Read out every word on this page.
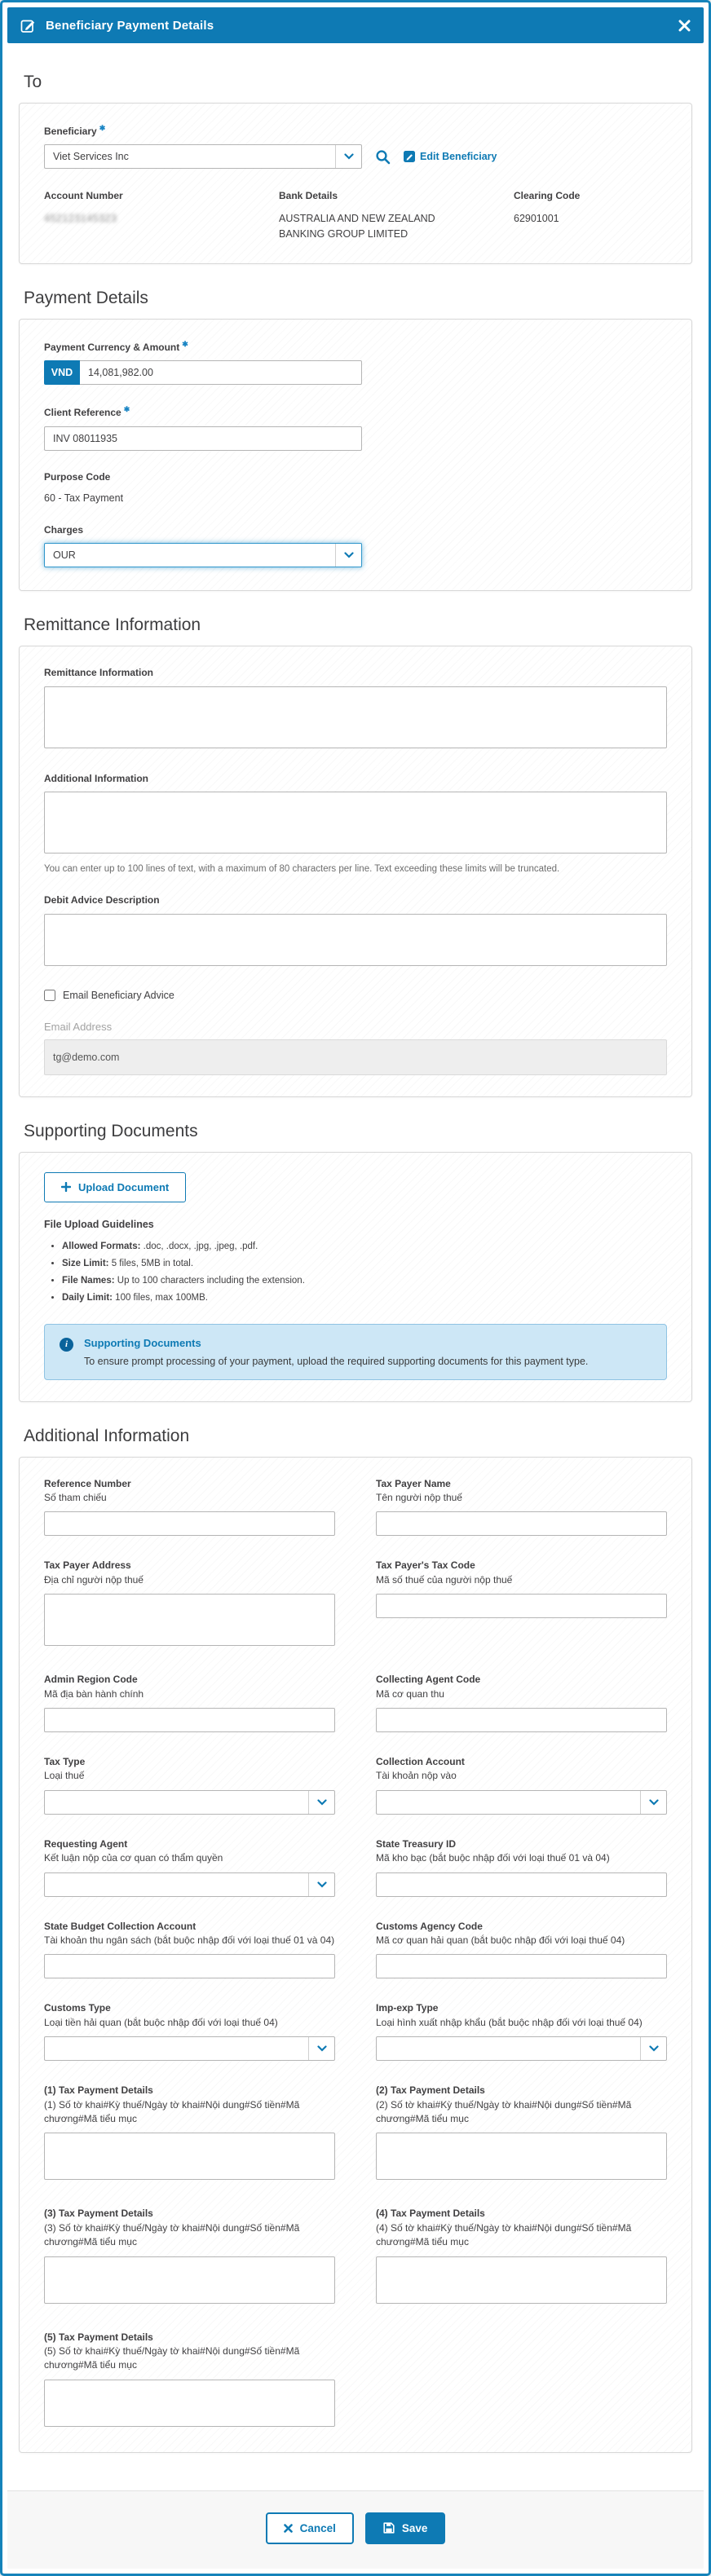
Beneficiary Payment Details
To
Beneficiary ✱
Viet Services Inc	Edit Beneficiary
Account Number
452123145323
Bank Details
AUSTRALIA AND NEW ZEALAND BANKING GROUP LIMITED
Clearing Code
62901001
Payment Details
Payment Currency & Amount ✱
VND
14,081,982.00
Client Reference ✱
INV 08011935
Purpose Code
60 - Tax Payment
Charges
OUR
Remittance Information
Remittance Information
Additional Information
You can enter up to 100 lines of text, with a maximum of 80 characters per line. Text exceeding these limits will be truncated.
Debit Advice Description
Email Beneficiary Advice
Email Address
tg@demo.com
Supporting Documents
Upload Document
File Upload Guidelines
• Allowed Formats: .doc, .docx, .jpg, .jpeg, .pdf.
• Size Limit: 5 files, 5MB in total.
• File Names: Up to 100 characters including the extension.
• Daily Limit: 100 files, max 100MB.
i	Supporting Documents
To ensure prompt processing of your payment, upload the required supporting documents for this payment type.
Additional Information
Reference Number
Số tham chiếu
Tax Payer Name
Tên người nộp thuế
Tax Payer Address
Địa chỉ người nộp thuế
Tax Payer's Tax Code
Mã số thuế của người nộp thuế
Admin Region Code
Mã địa bàn hành chính
Collecting Agent Code
Mã cơ quan thu
Tax Type
Loại thuế
Collection Account
Tài khoản nộp vào
Requesting Agent
Kết luận nộp của cơ quan có thẩm quyền
State Treasury ID
Mã kho bạc (bắt buộc nhập đối với loại thuế 01 và 04)
State Budget Collection Account
Tài khoản thu ngân sách (bắt buộc nhập đối với loại thuế 01 và 04)
Customs Agency Code
Mã cơ quan hải quan (bắt buộc nhập đối với loại thuế 04)
Customs Type
Loại tiền hải quan (bắt buộc nhập đối với loại thuế 04)
Imp-exp Type
Loại hình xuất nhập khẩu (bắt buộc nhập đối với loại thuế 04)
(1) Tax Payment Details
(1) Số tờ khai#Kỳ thuế/Ngày tờ khai#Nội dung#Số tiền#Mã chương#Mã tiểu mục
(2) Tax Payment Details
(2) Số tờ khai#Kỳ thuế/Ngày tờ khai#Nội dung#Số tiền#Mã chương#Mã tiểu mục
(3) Tax Payment Details
(3) Số tờ khai#Kỳ thuế/Ngày tờ khai#Nội dung#Số tiền#Mã chương#Mã tiểu mục
(4) Tax Payment Details
(4) Số tờ khai#Kỳ thuế/Ngày tờ khai#Nội dung#Số tiền#Mã chương#Mã tiểu mục
(5) Tax Payment Details
(5) Số tờ khai#Kỳ thuế/Ngày tờ khai#Nội dung#Số tiền#Mã chương#Mã tiểu mục
Cancel	Save
